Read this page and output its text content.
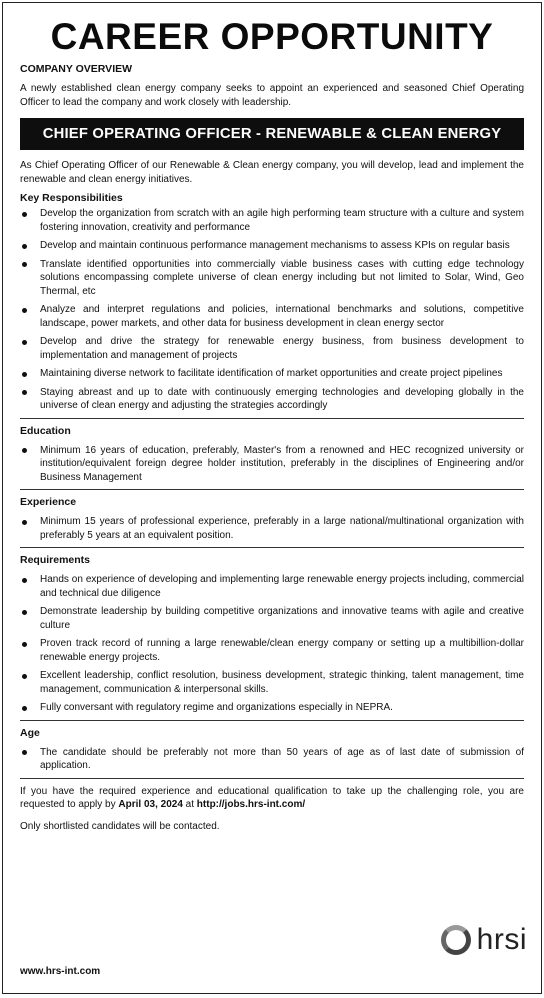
CAREER OPPORTUNITY
COMPANY OVERVIEW

A newly established clean energy company seeks to appoint an experienced and seasoned Chief Operating Officer to lead the company and work closely with leadership.

CHIEF OPERATING OFFICER - RENEWABLE & CLEAN ENERGY

As Chief Operating Officer of our Renewable & Clean energy company, you will develop, lead and implement the renewable and clean energy initiatives.

Key Responsibilities
Develop the organization from scratch with an agile high performing team structure with a culture and system fostering innovation, creativity and performance
Develop and maintain continuous performance management mechanisms to assess KPIs on regular basis
Translate identified opportunities into commercially viable business cases with cutting edge technology solutions encompassing complete universe of clean energy including but not limited to Solar, Wind, Geo Thermal, etc
Analyze and interpret regulations and policies, international benchmarks and solutions, competitive landscape, power markets, and other data for business development in clean energy sector
Develop and drive the strategy for renewable energy business, from business development to implementation and management of projects
Maintaining diverse network to facilitate identification of market opportunities and create project pipelines
Staying abreast and up to date with continuously emerging technologies and developing globally in the universe of clean energy and adjusting the strategies accordingly
Education
Minimum 16 years of education, preferably, Master's from a renowned and HEC recognized university or institution/equivalent foreign degree holder institution, preferably in the disciplines of Engineering and/or Business Management
Experience
Minimum 15 years of professional experience, preferably in a large national/multinational organization with preferably 5 years at an equivalent position.
Requirements
Hands on experience of developing and implementing large renewable energy projects including, commercial and technical due diligence
Demonstrate leadership by building competitive organizations and innovative teams with agile and creative culture
Proven track record of running a large renewable/clean energy company or setting up a multibillion-dollar renewable energy projects.
Excellent leadership, conflict resolution, business development, strategic thinking, talent management, time management, communication & interpersonal skills.
Fully conversant with regulatory regime and organizations especially in NEPRA.
Age
The candidate should be preferably not more than 50 years of age as of last date of submission of application.

If you have the required experience and educational qualification to take up the challenging role, you are requested to apply by April 03, 2024 at http://jobs.hrs-int.com/

Only shortlisted candidates will be contacted.

hrsi
www.hrs-int.com
